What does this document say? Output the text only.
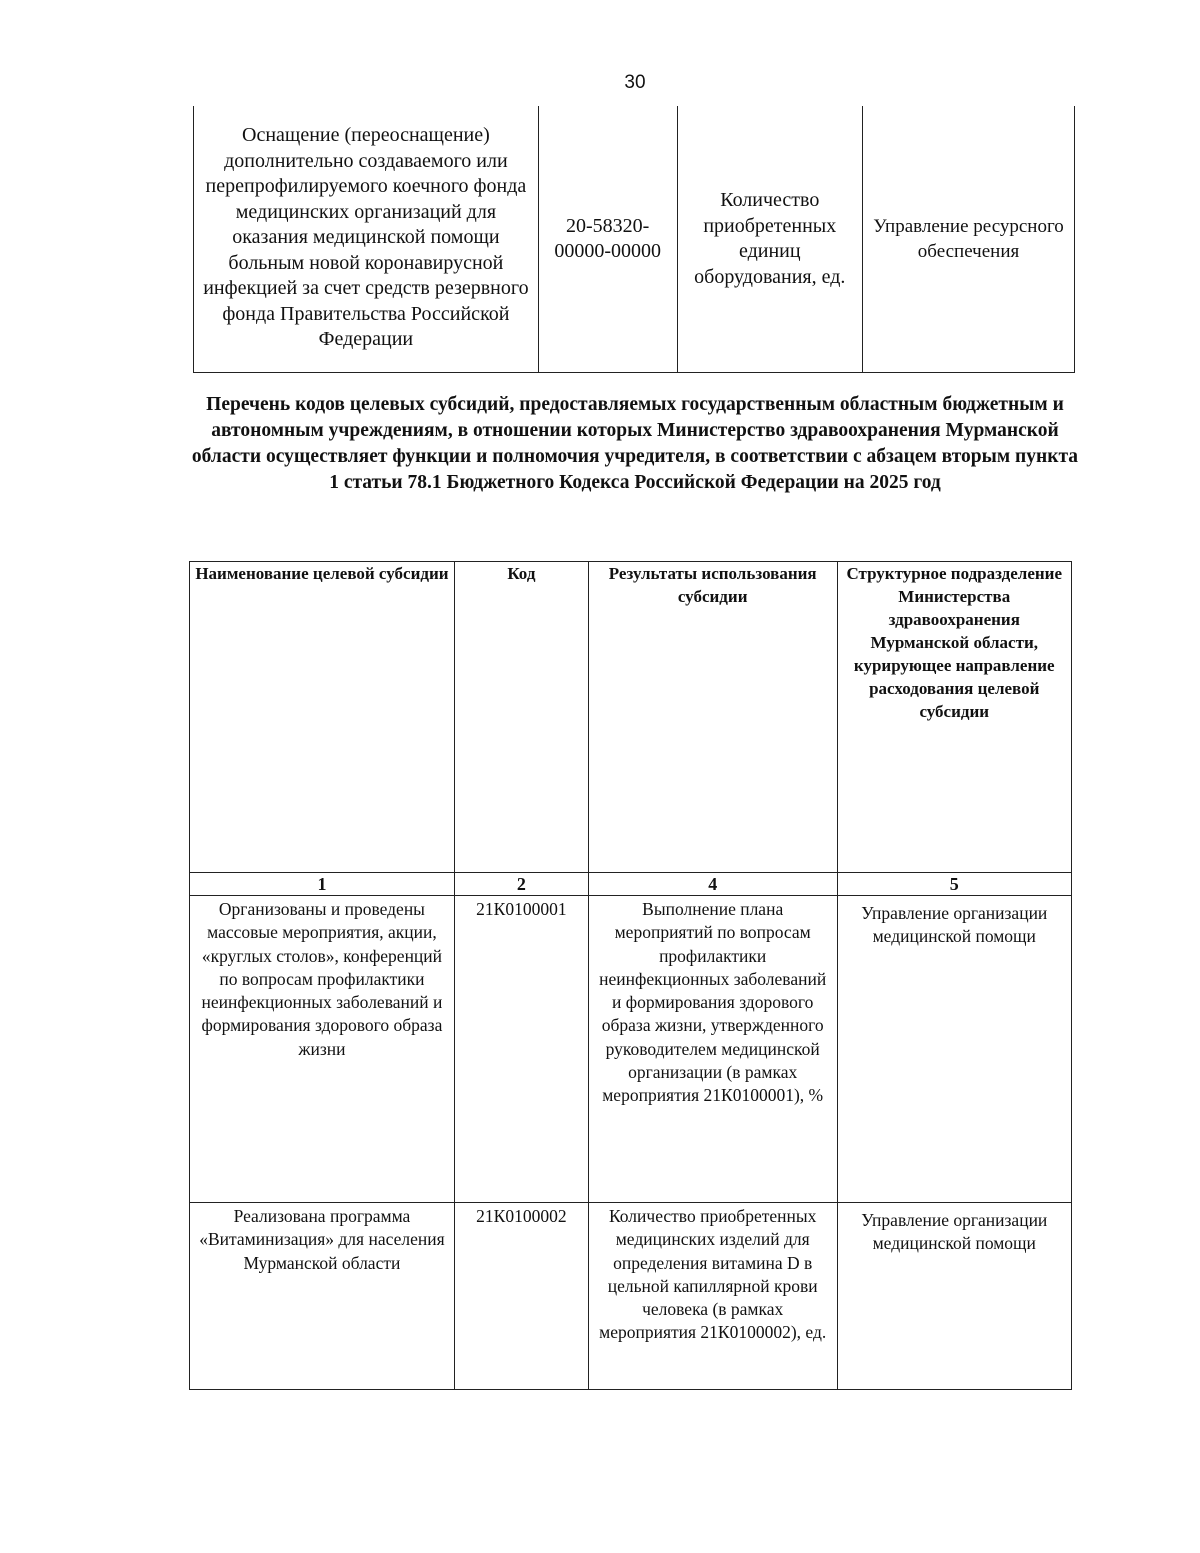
30
Оснащение (переоснащение) дополнительно создаваемого или перепрофилируемого коечного фонда медицинских организаций для оказания медицинской помощи больным новой коронавирусной инфекцией за счет средств резервного фонда Правительства Российской Федерации	20-58320-00000-00000	Количество приобретенных единиц оборудования, ед.	Управление ресурсного обеспечения
Перечень кодов целевых субсидий, предоставляемых государственным областным бюджетным и автономным учреждениям, в отношении которых Министерство здравоохранения Мурманской области осуществляет функции и полномочия учредителя, в соответствии с абзацем вторым пункта 1 статьи 78.1 Бюджетного Кодекса Российской Федерации на 2025 год
Наименование целевой субсидии	Код	Результаты использования субсидии	Структурное подразделение Министерства здравоохранения Мурманской области, курирующее направление расходования целевой субсидии
1	2	4	5
Организованы и проведены массовые мероприятия, акции, «круглых столов», конференций по вопросам профилактики неинфекционных заболеваний и формирования здорового образа жизни	21К0100001	Выполнение плана мероприятий по вопросам профилактики неинфекционных заболеваний и формирования здорового образа жизни, утвержденного руководителем медицинской организации (в рамках мероприятия 21К0100001), %	Управление организации медицинской помощи
Реализована программа «Витаминизация» для населения Мурманской области	21К0100002	Количество приобретенных медицинских изделий для определения витамина D в цельной капиллярной крови человека (в рамках мероприятия 21К0100002), ед.	Управление организации медицинской помощи
